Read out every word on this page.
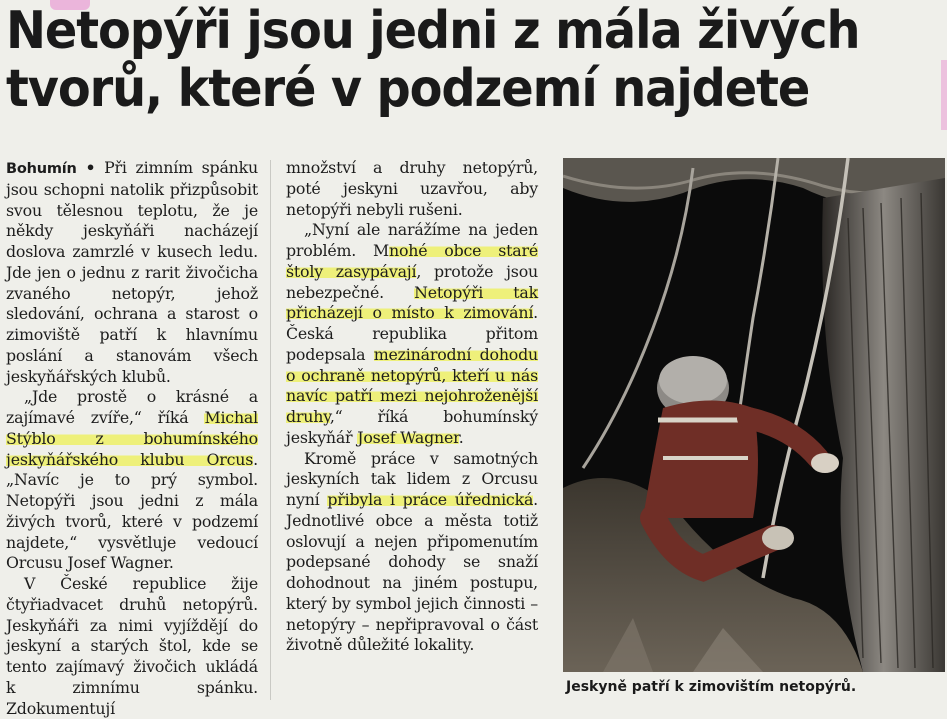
Netopýři jsou jedni z mála živých
tvorů, které v podzemí najdete

Bohumín • Při zimním spánku jsou schopni natolik přizpůsobit svou tělesnou teplotu, že je někdy jeskyňáři nacházejí doslova zamrzlé v kusech ledu. Jde jen o jednu z rarit živočicha zvaného netopýr, jehož sledování, ochrana a starost o zimoviště patří k hlavnímu poslání a stanovám všech jeskyňářských klubů.

„Jde prostě o krásné a zajímavé zvíře,“ říká Michal Stýblo z bohumínského jeskyňářského klubu Orcus. „Navíc je to prý symbol. Netopýři jsou jedni z mála živých tvorů, které v podzemí najdete,“ vysvětluje vedoucí Orcusu Josef Wagner.

V České republice žije čtyřiadvacet druhů netopýrů. Jeskyňáři za nimi vyjíždějí do jeskyní a starých štol, kde se tento zajímavý živočich ukládá k zimnímu spánku. Zdokumentují

množství a druhy netopýrů, poté jeskyni uzavřou, aby netopýři nebyli rušeni.

„Nyní ale narážíme na jeden problém. Mnohé obce staré štoly zasypávají, protože jsou nebezpečné. Netopýři tak přicházejí o místo k zimování. Česká republika přitom podepsala mezinárodní dohodu o ochraně netopýrů, kteří u nás navíc patří mezi nejohroženější druhy,“ říká bohumínský jeskyňář Josef Wagner.

Kromě práce v samotných jeskyních tak lidem z Orcusu nyní přibyla i práce úřednická. Jednotlivé obce a města totiž oslovují a nejen připomenutím podepsané dohody se snaží dohodnout na jiném postupu, který by symbol jejich činnosti – netopýry – nepřipravoval o část životně důležité lokality.

Jeskyně patří k zimovištím netopýrů.
